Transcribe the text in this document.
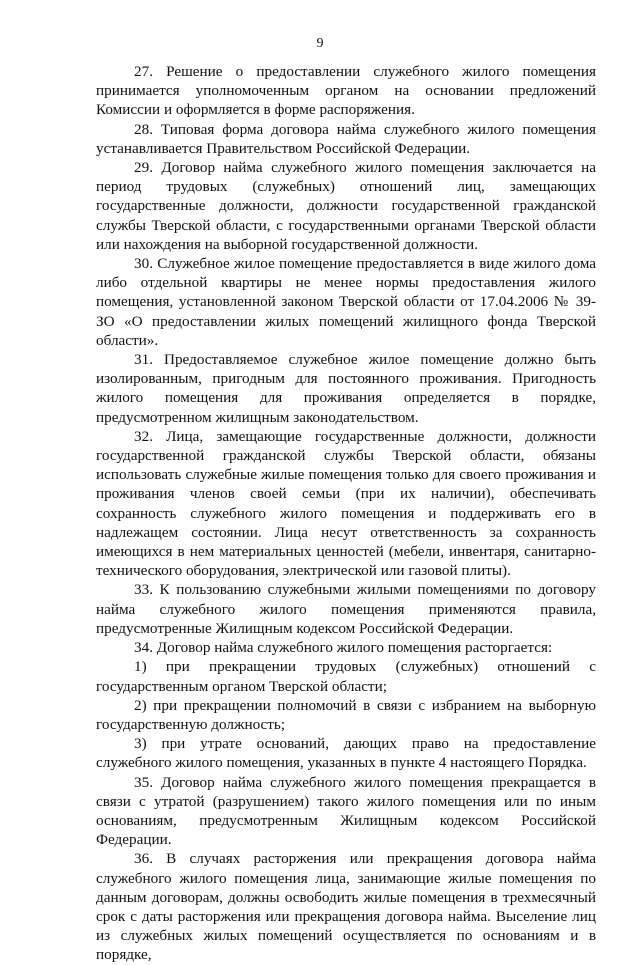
9

27. Решение о предоставлении служебного жилого помещения принимается уполномоченным органом на основании предложений Комиссии и оформляется в форме распоряжения.

28. Типовая форма договора найма служебного жилого помещения устанавливается Правительством Российской Федерации.

29. Договор найма служебного жилого помещения заключается на период трудовых (служебных) отношений лиц, замещающих государственные должности, должности государственной гражданской службы Тверской области, с государственными органами Тверской области или нахождения на выборной государственной должности.

30. Служебное жилое помещение предоставляется в виде жилого дома либо отдельной квартиры не менее нормы предоставления жилого помещения, установленной законом Тверской области от 17.04.2006 № 39-ЗО «О предоставлении жилых помещений жилищного фонда Тверской области».

31. Предоставляемое служебное жилое помещение должно быть изолированным, пригодным для постоянного проживания. Пригодность жилого помещения для проживания определяется в порядке, предусмотренном жилищным законодательством.

32. Лица, замещающие государственные должности, должности государственной гражданской службы Тверской области, обязаны использовать служебные жилые помещения только для своего проживания и проживания членов своей семьи (при их наличии), обеспечивать сохранность служебного жилого помещения и поддерживать его в надлежащем состоянии. Лица несут ответственность за сохранность имеющихся в нем материальных ценностей (мебели, инвентаря, санитарно-технического оборудования, электрической или газовой плиты).

33. К пользованию служебными жилыми помещениями по договору найма служебного жилого помещения применяются правила, предусмотренные Жилищным кодексом Российской Федерации.

34. Договор найма служебного жилого помещения расторгается:

1) при прекращении трудовых (служебных) отношений с государственным органом Тверской области;

2) при прекращении полномочий в связи с избранием на выборную государственную должность;

3) при утрате оснований, дающих право на предоставление служебного жилого помещения, указанных в пункте 4 настоящего Порядка.

35. Договор найма служебного жилого помещения прекращается в связи с утратой (разрушением) такого жилого помещения или по иным основаниям, предусмотренным Жилищным кодексом Российской Федерации.

36. В случаях расторжения или прекращения договора найма служебного жилого помещения лица, занимающие жилые помещения по данным договорам, должны освободить жилые помещения в трехмесячный срок с даты расторжения или прекращения договора найма. Выселение лиц из служебных жилых помещений осуществляется по основаниям и в порядке,
